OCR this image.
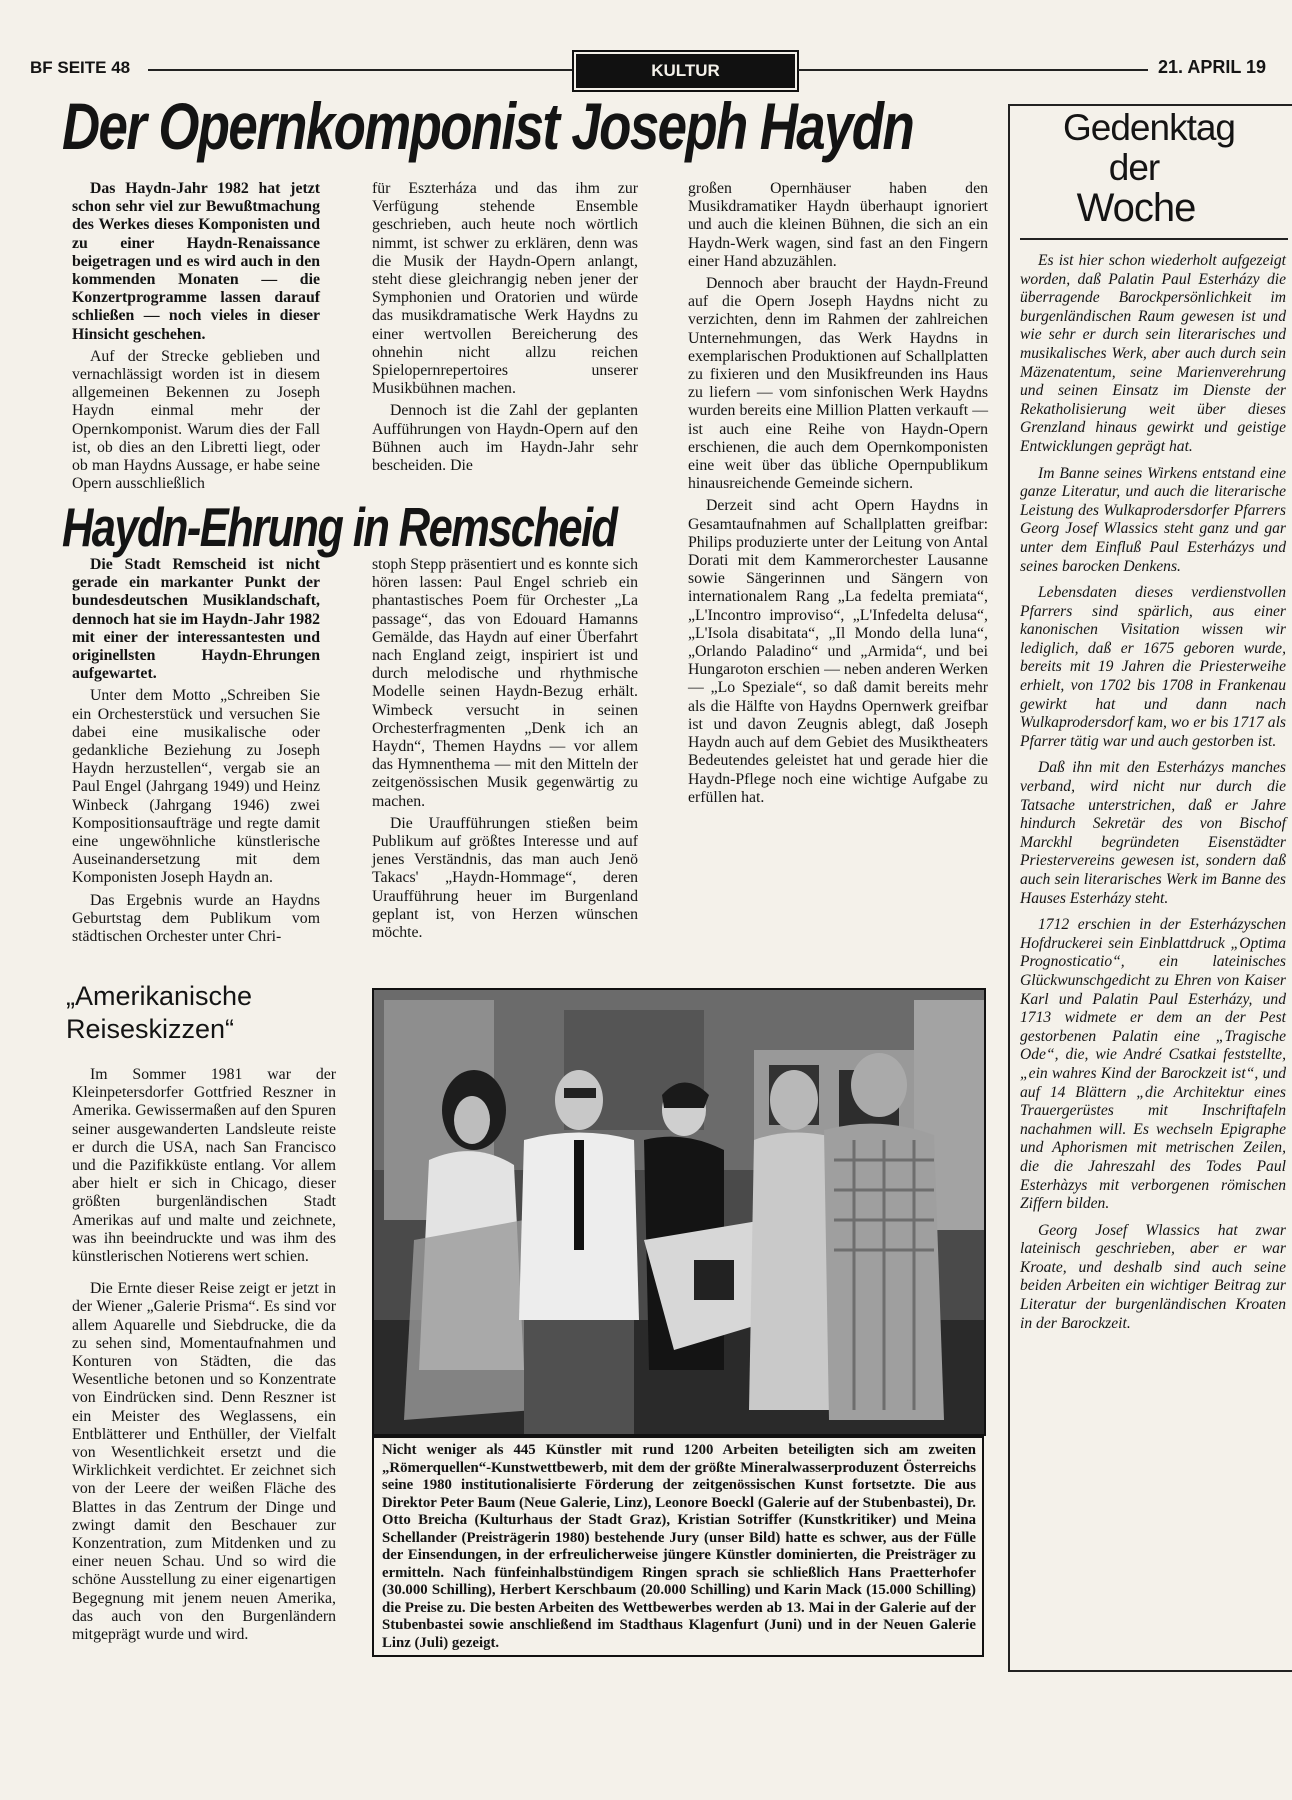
BF SEITE 48	KULTUR	21. APRIL 19
Der Opernkomponist Joseph Haydn

Das Haydn-Jahr 1982 hat jetzt schon sehr viel zur Bewußtmachung des Werkes dieses Komponisten und zu einer Haydn-Renaissance beigetragen und es wird auch in den kommenden Monaten — die Konzertprogramme lassen darauf schließen — noch vieles in dieser Hinsicht geschehen.

Auf der Strecke geblieben und vernachlässigt worden ist in diesem allgemeinen Bekennen zu Joseph Haydn einmal mehr der Opernkomponist. Warum dies der Fall ist, ob dies an den Libretti liegt, oder ob man Haydns Aussage, er habe seine Opern ausschließlich

für Eszterháza und das ihm zur Verfügung stehende Ensemble geschrieben, auch heute noch wörtlich nimmt, ist schwer zu erklären, denn was die Musik der Haydn-Opern anlangt, steht diese gleichrangig neben jener der Symphonien und Oratorien und würde das musikdramatische Werk Haydns zu einer wertvollen Bereicherung des ohnehin nicht allzu reichen Spielopernrepertoires unserer Musikbühnen machen.

Dennoch ist die Zahl der geplanten Aufführungen von Haydn-Opern auf den Bühnen auch im Haydn-Jahr sehr bescheiden. Die

großen Opernhäuser haben den Musikdramatiker Haydn überhaupt ignoriert und auch die kleinen Bühnen, die sich an ein Haydn-Werk wagen, sind fast an den Fingern einer Hand abzuzählen.

Dennoch aber braucht der Haydn-Freund auf die Opern Joseph Haydns nicht zu verzichten, denn im Rahmen der zahlreichen Unternehmungen, das Werk Haydns in exemplarischen Produktionen auf Schallplatten zu fixieren und den Musikfreunden ins Haus zu liefern — vom sinfonischen Werk Haydns wurden bereits eine Million Platten verkauft — ist auch eine Reihe von Haydn-Opern erschienen, die auch dem Opernkomponisten eine weit über das übliche Opernpublikum hinausreichende Gemeinde sichern.

Derzeit sind acht Opern Haydns in Gesamtaufnahmen auf Schallplatten greifbar: Philips produzierte unter der Leitung von Antal Dorati mit dem Kammerorchester Lausanne sowie Sängerinnen und Sängern von internationalem Rang „La fedelta premiata“, „L'Incontro improviso“, „L'Infedelta delusa“, „L'Isola disabitata“, „Il Mondo della luna“, „Orlando Paladino“ und „Armida“, und bei Hungaroton erschien — neben anderen Werken — „Lo Speziale“, so daß damit bereits mehr als die Hälfte von Haydns Opernwerk greifbar ist und davon Zeugnis ablegt, daß Joseph Haydn auch auf dem Gebiet des Musiktheaters Bedeutendes geleistet hat und gerade hier die Haydn-Pflege noch eine wichtige Aufgabe zu erfüllen hat.

Haydn-Ehrung in Remscheid

Die Stadt Remscheid ist nicht gerade ein markanter Punkt der bundesdeutschen Musiklandschaft, dennoch hat sie im Haydn-Jahr 1982 mit einer der interessantesten und originellsten Haydn-Ehrungen aufgewartet.

Unter dem Motto „Schreiben Sie ein Orchesterstück und versuchen Sie dabei eine musikalische oder gedankliche Beziehung zu Joseph Haydn herzustellen“, vergab sie an Paul Engel (Jahrgang 1949) und Heinz Winbeck (Jahrgang 1946) zwei Kompositionsaufträge und regte damit eine ungewöhnliche künstlerische Auseinandersetzung mit dem Komponisten Joseph Haydn an.

Das Ergebnis wurde an Haydns Geburtstag dem Publikum vom städtischen Orchester unter Chri-

stoph Stepp präsentiert und es konnte sich hören lassen: Paul Engel schrieb ein phantastisches Poem für Orchester „La passage“, das von Edouard Hamanns Gemälde, das Haydn auf einer Überfahrt nach England zeigt, inspiriert ist und durch melodische und rhythmische Modelle seinen Haydn-Bezug erhält. Wimbeck versucht in seinen Orchesterfragmenten „Denk ich an Haydn“, Themen Haydns — vor allem das Hymnenthema — mit den Mitteln der zeitgenössischen Musik gegenwärtig zu machen.

Die Uraufführungen stießen beim Publikum auf größtes Interesse und auf jenes Verständnis, das man auch Jenö Takacs' „Haydn-Hommage“, deren Uraufführung heuer im Burgenland geplant ist, von Herzen wünschen möchte.

„Amerikanische Reiseskizzen“

Im Sommer 1981 war der Kleinpetersdorfer Gottfried Reszner in Amerika. Gewissermaßen auf den Spuren seiner ausgewanderten Landsleute reiste er durch die USA, nach San Francisco und die Pazifikküste entlang. Vor allem aber hielt er sich in Chicago, dieser größten burgenländischen Stadt Amerikas auf und malte und zeichnete, was ihn beeindruckte und was ihm des künstlerischen Notierens wert schien.

Die Ernte dieser Reise zeigt er jetzt in der Wiener „Galerie Prisma“. Es sind vor allem Aquarelle und Siebdrucke, die da zu sehen sind, Momentaufnahmen und Konturen von Städten, die das Wesentliche betonen und so Konzentrate von Eindrücken sind. Denn Reszner ist ein Meister des Weglassens, ein Entblätterer und Enthüller, der Vielfalt von Wesentlichkeit ersetzt und die Wirklichkeit verdichtet. Er zeichnet sich von der Leere der weißen Fläche des Blattes in das Zentrum der Dinge und zwingt damit den Beschauer zur Konzentration, zum Mitdenken und zu einer neuen Schau. Und so wird die schöne Ausstellung zu einer eigenartigen Begegnung mit jenem neuen Amerika, das auch von den Burgenländern mitgeprägt wurde und wird.

Nicht weniger als 445 Künstler mit rund 1200 Arbeiten beteiligten sich am zweiten „Römerquellen“-Kunstwettbewerb, mit dem der größte Mineralwasserproduzent Österreichs seine 1980 institutionalisierte Förderung der zeitgenössischen Kunst fortsetzte. Die aus Direktor Peter Baum (Neue Galerie, Linz), Leonore Boeckl (Galerie auf der Stubenbastei), Dr. Otto Breicha (Kulturhaus der Stadt Graz), Kristian Sotriffer (Kunstkritiker) und Meina Schellander (Preisträgerin 1980) bestehende Jury (unser Bild) hatte es schwer, aus der Fülle der Einsendungen, in der erfreulicherweise jüngere Künstler dominierten, die Preisträger zu ermitteln. Nach fünfeinhalbstündigem Ringen sprach sie schließlich Hans Praetterhofer (30.000 Schilling), Herbert Kerschbaum (20.000 Schilling) und Karin Mack (15.000 Schilling) die Preise zu. Die besten Arbeiten des Wettbewerbes werden ab 13. Mai in der Galerie auf der Stubenbastei sowie anschließend im Stadthaus Klagenfurt (Juni) und in der Neuen Galerie Linz (Juli) gezeigt.
Gedenktag
der
Woche

Es ist hier schon wiederholt aufgezeigt worden, daß Palatin Paul Esterházy die überragende Barockpersönlichkeit im burgenländischen Raum gewesen ist und wie sehr er durch sein literarisches und musikalisches Werk, aber auch durch sein Mäzenatentum, seine Marienverehrung und seinen Einsatz im Dienste der Rekatholisierung weit über dieses Grenzland hinaus gewirkt und geistige Entwicklungen geprägt hat.

Im Banne seines Wirkens entstand eine ganze Literatur, und auch die literarische Leistung des Wulkaprodersdorfer Pfarrers Georg Josef Wlassics steht ganz und gar unter dem Einfluß Paul Esterházys und seines barocken Denkens.

Lebensdaten dieses verdienstvollen Pfarrers sind spärlich, aus einer kanonischen Visitation wissen wir lediglich, daß er 1675 geboren wurde, bereits mit 19 Jahren die Priesterweihe erhielt, von 1702 bis 1708 in Frankenau gewirkt hat und dann nach Wulkaprodersdorf kam, wo er bis 1717 als Pfarrer tätig war und auch gestorben ist.

Daß ihn mit den Esterházys manches verband, wird nicht nur durch die Tatsache unterstrichen, daß er Jahre hindurch Sekretär des von Bischof Marckhl begründeten Eisenstädter Priestervereins gewesen ist, sondern daß auch sein literarisches Werk im Banne des Hauses Esterházy steht.

1712 erschien in der Esterházyschen Hofdruckerei sein Einblattdruck „Optima Prognosticatio“, ein lateinisches Glückwunschgedicht zu Ehren von Kaiser Karl und Palatin Paul Esterházy, und 1713 widmete er dem an der Pest gestorbenen Palatin eine „Tragische Ode“, die, wie André Csatkai feststellte, „ein wahres Kind der Barockzeit ist“, und auf 14 Blättern „die Architektur eines Trauergerüstes mit Inschriftafeln nachahmen will. Es wechseln Epigraphe und Aphorismen mit metrischen Zeilen, die die Jahreszahl des Todes Paul Esterhàzys mit verborgenen römischen Ziffern bilden.

Georg Josef Wlassics hat zwar lateinisch geschrieben, aber er war Kroate, und deshalb sind auch seine beiden Arbeiten ein wichtiger Beitrag zur Literatur der burgenländischen Kroaten in der Barockzeit.
